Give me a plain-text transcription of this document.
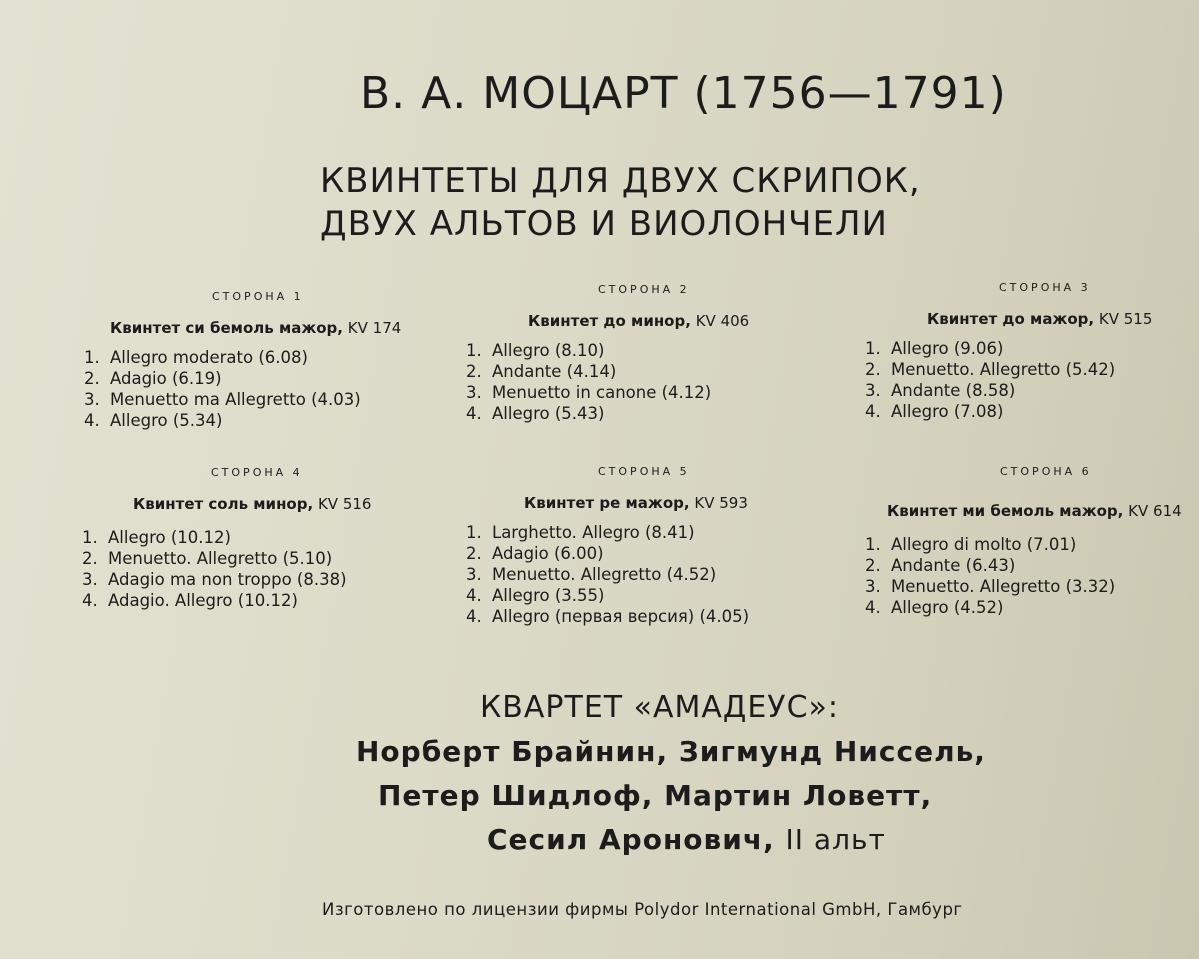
В. А. МОЦАРТ (1756—1791)
КВИНТЕТЫ ДЛЯ ДВУХ СКРИПОК,
ДВУХ АЛЬТОВ И ВИОЛОНЧЕЛИ
СТОРОНА 1
Квинтет си бемоль мажор, KV 174
1. Allegro moderato (6.08)
2. Adagio (6.19)
3. Menuetto ma Allegretto (4.03)
4. Allegro (5.34)
СТОРОНА 2
Квинтет до минор, KV 406
1. Allegro (8.10)
2. Andante (4.14)
3. Menuetto in canone (4.12)
4. Allegro (5.43)
СТОРОНА 3
Квинтет до мажор, KV 515
1. Allegro (9.06)
2. Menuetto. Allegretto (5.42)
3. Andante (8.58)
4. Allegro (7.08)
СТОРОНА 4
Квинтет соль минор, KV 516
1. Allegro (10.12)
2. Menuetto. Allegretto (5.10)
3. Adagio ma non troppo (8.38)
4. Adagio. Allegro (10.12)
СТОРОНА 5
Квинтет ре мажор, KV 593
1. Larghetto. Allegro (8.41)
2. Adagio (6.00)
3. Menuetto. Allegretto (4.52)
4. Allegro (3.55)
4. Allegro (первая версия) (4.05)
СТОРОНА 6
Квинтет ми бемоль мажор, KV 614
1. Allegro di molto (7.01)
2. Andante (6.43)
3. Menuetto. Allegretto (3.32)
4. Allegro (4.52)
КВАРТЕТ «АМАДЕУС»:
Норберт Брайнин, Зигмунд Ниссель,
Петер Шидлоф, Мартин Ловетт,
Сесил Аронович, II альт
Изготовлено по лицензии фирмы Polydor International GmbH, Гамбург
